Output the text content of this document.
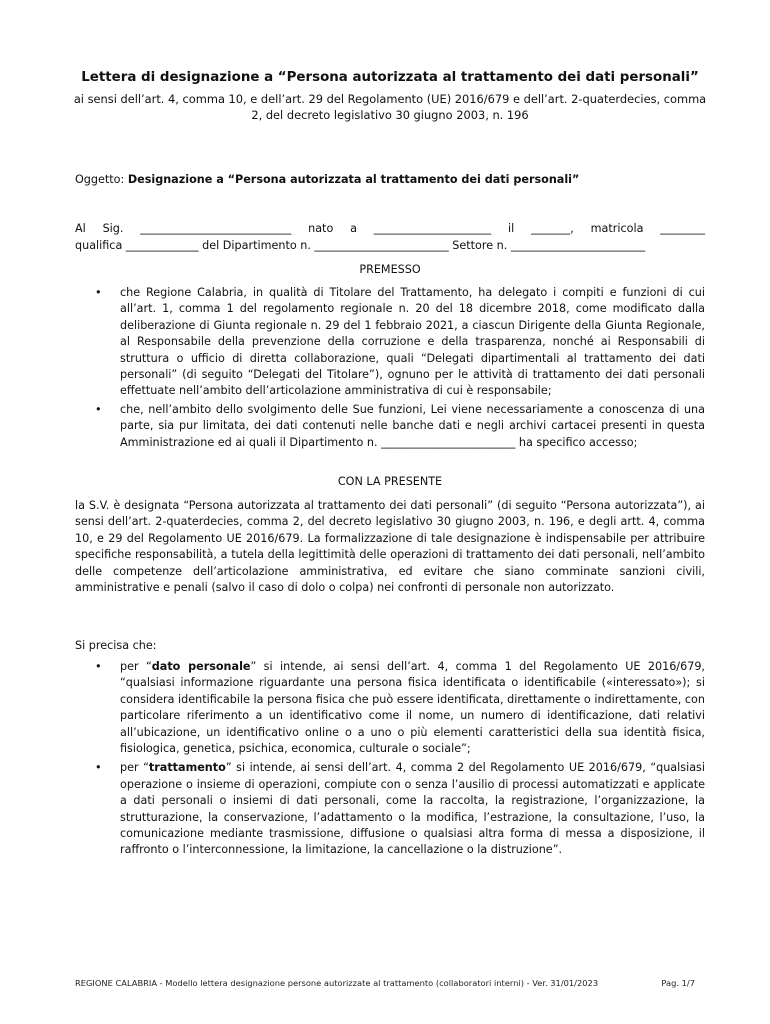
Lettera di designazione a “Persona autorizzata al trattamento dei dati personali”
ai sensi dell’art. 4, comma 10, e dell’art. 29 del Regolamento (UE) 2016/679 e dell’art. 2-quaterdecies, comma 2, del decreto legislativo 30 giugno 2003, n. 196
Oggetto: Designazione a “Persona autorizzata al trattamento dei dati personali”
Al Sig. ___________________________ nato a _____________________ il _______, matricola ________
qualifica _____________ del Dipartimento n. ________________________ Settore n. ________________________
PREMESSO
• che Regione Calabria, in qualità di Titolare del Trattamento, ha delegato i compiti e funzioni di cui all’art. 1, comma 1 del regolamento regionale n. 20 del 18 dicembre 2018, come modificato dalla deliberazione di Giunta regionale n. 29 del 1 febbraio 2021, a ciascun Dirigente della Giunta Regionale, al Responsabile della prevenzione della corruzione e della trasparenza, nonché ai Responsabili di struttura o ufficio di diretta collaborazione, quali “Delegati dipartimentali al trattamento dei dati personali” (di seguito “Delegati del Titolare”), ognuno per le attività di trattamento dei dati personali effettuate nell’ambito dell’articolazione amministrativa di cui è responsabile;
• che, nell’ambito dello svolgimento delle Sue funzioni, Lei viene necessariamente a conoscenza di una parte, sia pur limitata, dei dati contenuti nelle banche dati e negli archivi cartacei presenti in questa Amministrazione ed ai quali il Dipartimento n. ________________________ ha specifico accesso;
CON LA PRESENTE
la S.V. è designata “Persona autorizzata al trattamento dei dati personali” (di seguito “Persona autorizzata”), ai sensi dell’art. 2-quaterdecies, comma 2, del decreto legislativo 30 giugno 2003, n. 196, e degli artt. 4, comma 10, e 29 del Regolamento UE 2016/679. La formalizzazione di tale designazione è indispensabile per attribuire specifiche responsabilità, a tutela della legittimità delle operazioni di trattamento dei dati personali, nell’ambito delle competenze dell’articolazione amministrativa, ed evitare che siano comminate sanzioni civili, amministrative e penali (salvo il caso di dolo o colpa) nei confronti di personale non autorizzato.
Si precisa che:
• per “dato personale” si intende, ai sensi dell’art. 4, comma 1 del Regolamento UE 2016/679, “qualsiasi informazione riguardante una persona fisica identificata o identificabile («interessato»); si considera identificabile la persona fisica che può essere identificata, direttamente o indirettamente, con particolare riferimento a un identificativo come il nome, un numero di identificazione, dati relativi all’ubicazione, un identificativo online o a uno o più elementi caratteristici della sua identità fisica, fisiologica, genetica, psichica, economica, culturale o sociale”;
• per “trattamento” si intende, ai sensi dell’art. 4, comma 2 del Regolamento UE 2016/679, “qualsiasi operazione o insieme di operazioni, compiute con o senza l’ausilio di processi automatizzati e applicate a dati personali o insiemi di dati personali, come la raccolta, la registrazione, l’organizzazione, la strutturazione, la conservazione, l’adattamento o la modifica, l’estrazione, la consultazione, l’uso, la comunicazione mediante trasmissione, diffusione o qualsiasi altra forma di messa a disposizione, il raffronto o l’interconnessione, la limitazione, la cancellazione o la distruzione”.
REGIONE CALABRIA - Modello lettera designazione persone autorizzate al trattamento (collaboratori interni) - Ver. 31/01/2023	Pag. 1/7
